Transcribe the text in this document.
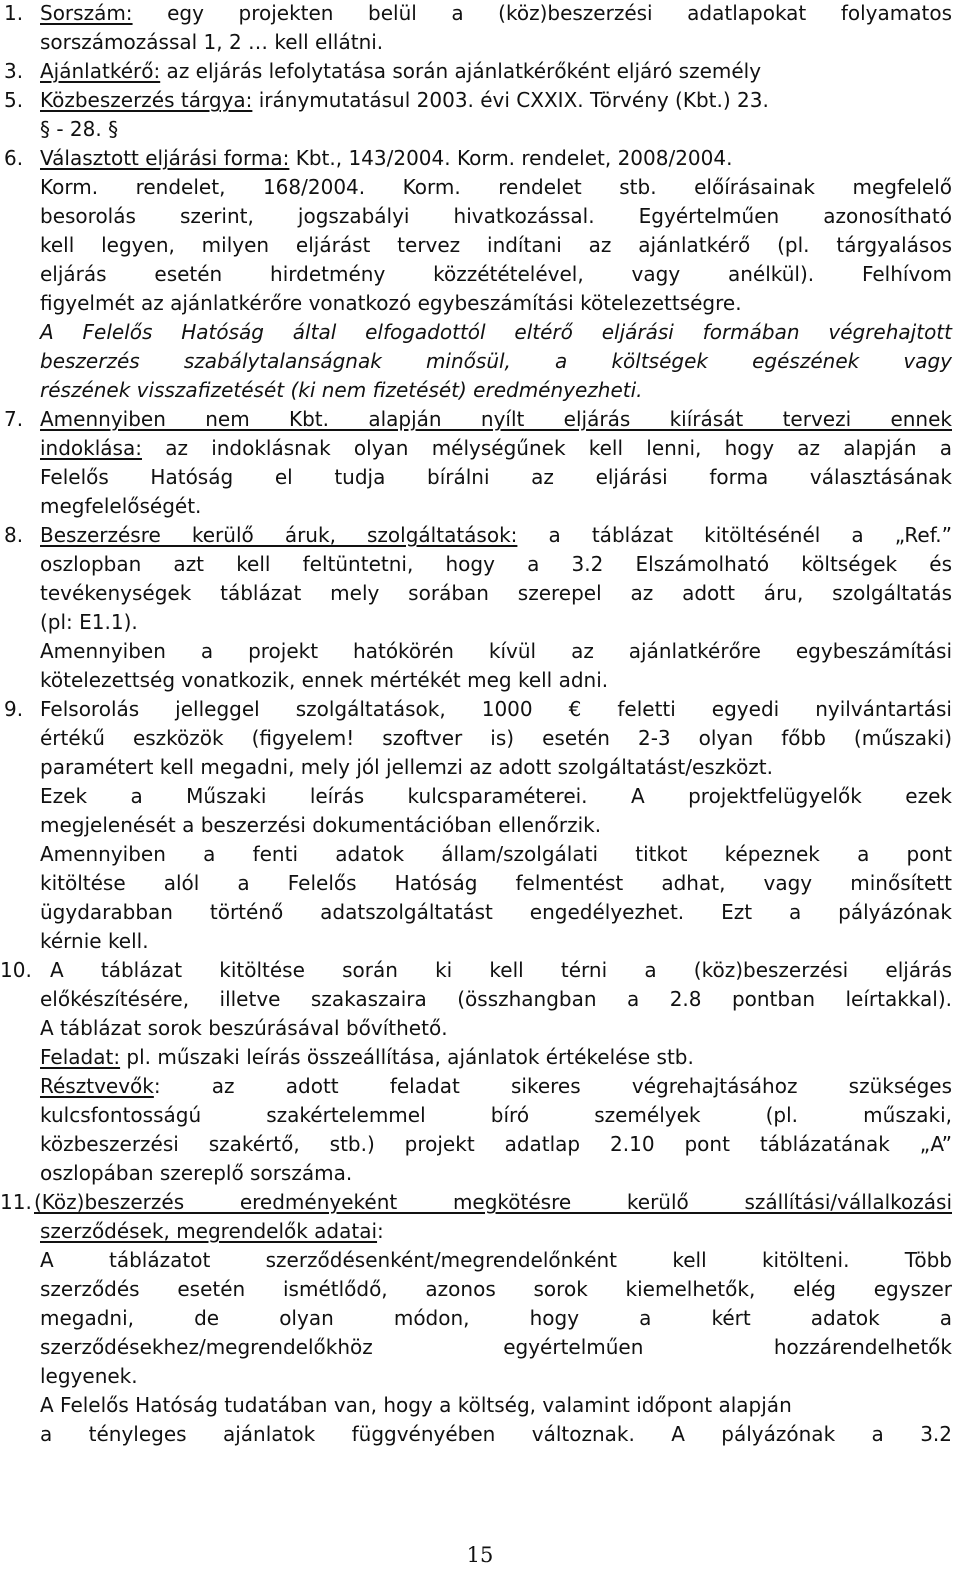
1. Sorszám: egy projekten belül a (köz)beszerzési adatlapokat folyamatos
sorszámozással 1, 2 … kell ellátni.
3. Ajánlatkérő: az eljárás lefolytatása során ajánlatkérőként eljáró személy
5. Közbeszerzés tárgya: iránymutatásul 2003. évi CXXIX. Törvény (Kbt.) 23.
§ - 28. §
6. Választott eljárási forma: Kbt., 143/2004. Korm. rendelet, 2008/2004.
Korm. rendelet, 168/2004. Korm. rendelet stb. előírásainak megfelelő
besorolás szerint, jogszabályi hivatkozással. Egyértelműen azonosítható
kell legyen, milyen eljárást tervez indítani az ajánlatkérő (pl. tárgyalásos
eljárás esetén hirdetmény közzétételével, vagy anélkül). Felhívom
figyelmét az ajánlatkérőre vonatkozó egybeszámítási kötelezettségre.
A Felelős Hatóság által elfogadottól eltérő eljárási formában végrehajtott
beszerzés szabálytalanságnak minősül, a költségek egészének vagy
részének visszafizetését (ki nem fizetését) eredményezheti.
7. Amennyiben nem Kbt. alapján nyílt eljárás kiírását tervezi ennek
indoklása: az indoklásnak olyan mélységűnek kell lenni, hogy az alapján a
Felelős Hatóság el tudja bírálni az eljárási forma választásának
megfelelőségét.
8. Beszerzésre kerülő áruk, szolgáltatások: a táblázat kitöltésénél a „Ref.”
oszlopban azt kell feltüntetni, hogy a 3.2 Elszámolható költségek és
tevékenységek táblázat mely sorában szerepel az adott áru, szolgáltatás
(pl: E1.1).
Amennyiben a projekt hatókörén kívül az ajánlatkérőre egybeszámítási
kötelezettség vonatkozik, ennek mértékét meg kell adni.
9. Felsorolás jelleggel szolgáltatások, 1000 € feletti egyedi nyilvántartási
értékű eszközök (figyelem! szoftver is) esetén 2-3 olyan főbb (műszaki)
paramétert kell megadni, mely jól jellemzi az adott szolgáltatást/eszközt.
Ezek a Műszaki leírás kulcsparaméterei. A projektfelügyelők ezek
megjelenését a beszerzési dokumentációban ellenőrzik.
Amennyiben a fenti adatok állam/szolgálati titkot képeznek a pont
kitöltése alól a Felelős Hatóság felmentést adhat, vagy minősített
ügydarabban történő adatszolgáltatást engedélyezhet. Ezt a pályázónak
kérnie kell.
10. A táblázat kitöltése során ki kell térni a (köz)beszerzési eljárás
előkészítésére, illetve szakaszaira (összhangban a 2.8 pontban leírtakkal).
A táblázat sorok beszúrásával bővíthető.
Feladat: pl. műszaki leírás összeállítása, ajánlatok értékelése stb.
Résztvevők: az adott feladat sikeres végrehajtásához szükséges
kulcsfontosságú szakértelemmel bíró személyek (pl. műszaki,
közbeszerzési szakértő, stb.) projekt adatlap 2.10 pont táblázatának „A”
oszlopában szereplő sorszáma.
11. (Köz)beszerzés eredményeként megkötésre kerülő szállítási/vállalkozási
szerződések, megrendelők adatai:
A táblázatot szerződésenként/megrendelőnként kell kitölteni. Több
szerződés esetén ismétlődő, azonos sorok kiemelhetők, elég egyszer
megadni, de olyan módon, hogy a kért adatok a
szerződésekhez/megrendelőkhöz egyértelműen hozzárendelhetők
legyenek.
A Felelős Hatóság tudatában van, hogy a költség, valamint időpont alapján
a tényleges ajánlatok függvényében változnak. A pályázónak a 3.2
15
